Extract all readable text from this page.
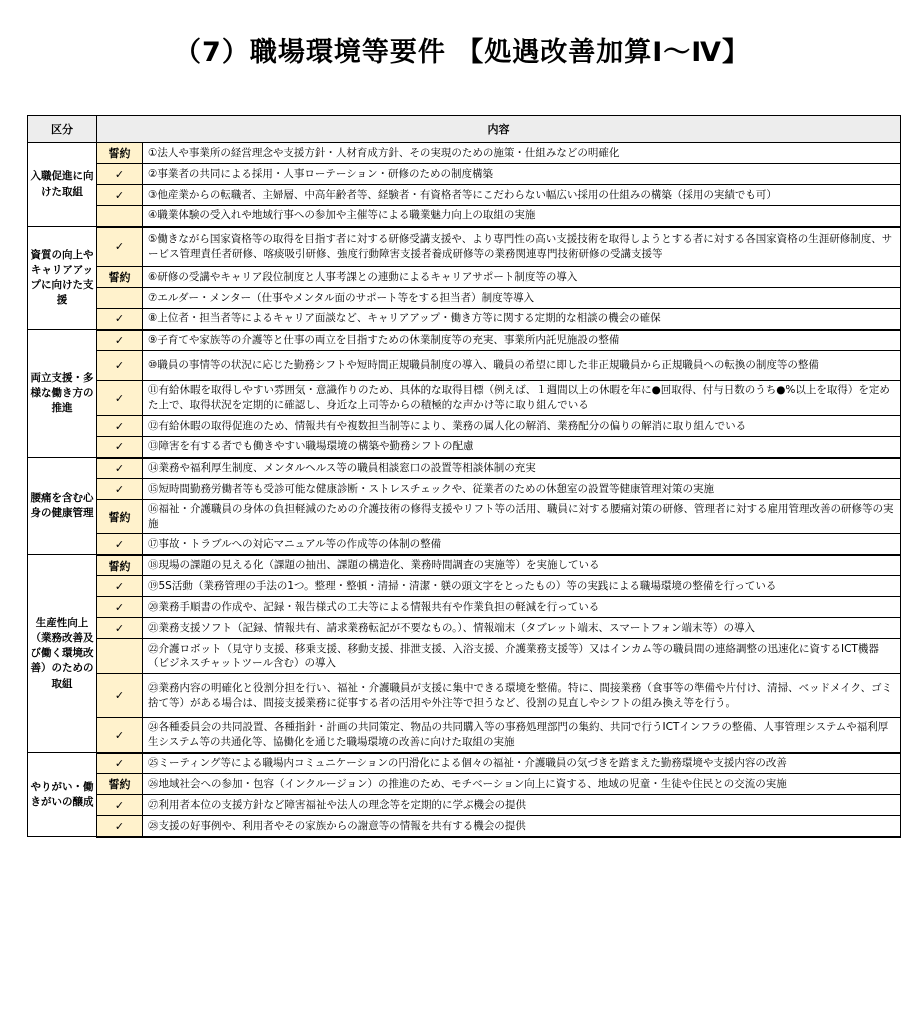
（7）職場環境等要件 【処遇改善加算Ⅰ～Ⅳ】
区分	内容	
入職促進に向けた取組	誓約	①法人や事業所の経営理念や支援方針・人材育成方針、その実現のための施策・仕組みなどの明確化
	✓	②事業者の共同による採用・人事ローテーション・研修のための制度構築
	✓	③他産業からの転職者、主婦層、中高年齢者等、経験者・有資格者等にこだわらない幅広い採用の仕組みの構築（採用の実績でも可）
		④職業体験の受入れや地域行事への参加や主催等による職業魅力向上の取組の実施
資質の向上やキャリアアップに向けた支援	✓	⑤働きながら国家資格等の取得を目指す者に対する研修受講支援や、より専門性の高い支援技術を取得しようとする者に対する各国家資格の生涯研修制度、サービス管理責任者研修、喀痰吸引研修、強度行動障害支援者養成研修等の業務関連専門技術研修の受講支援等
	誓約	⑥研修の受講やキャリア段位制度と人事考課との連動によるキャリアサポート制度等の導入
		⑦エルダー・メンター（仕事やメンタル面のサポート等をする担当者）制度等導入
	✓	⑧上位者・担当者等によるキャリア面談など、キャリアアップ・働き方等に関する定期的な相談の機会の確保
両立支援・多様な働き方の推進	✓	⑨子育てや家族等の介護等と仕事の両立を目指すための休業制度等の充実、事業所内託児施設の整備
	✓	⑩職員の事情等の状況に応じた勤務シフトや短時間正規職員制度の導入、職員の希望に即した非正規職員から正規職員への転換の制度等の整備
	✓	⑪有給休暇を取得しやすい雰囲気・意識作りのため、具体的な取得目標（例えば、１週間以上の休暇を年に●回取得、付与日数のうち●%以上を取得）を定めた上で、取得状況を定期的に確認し、身近な上司等からの積極的な声かけ等に取り組んでいる
	✓	⑫有給休暇の取得促進のため、情報共有や複数担当制等により、業務の属人化の解消、業務配分の偏りの解消に取り組んでいる
	✓	⑬障害を有する者でも働きやすい職場環境の構築や勤務シフトの配慮
腰痛を含む心身の健康管理	✓	⑭業務や福利厚生制度、メンタルヘルス等の職員相談窓口の設置等相談体制の充実
	✓	⑮短時間勤務労働者等も受診可能な健康診断・ストレスチェックや、従業者のための休憩室の設置等健康管理対策の実施
	誓約	⑯福祉・介護職員の身体の負担軽減のための介護技術の修得支援やリフト等の活用、職員に対する腰痛対策の研修、管理者に対する雇用管理改善の研修等の実施
	✓	⑰事故・トラブルへの対応マニュアル等の作成等の体制の整備
生産性向上（業務改善及び働く環境改善）のための取組	誓約	⑱現場の課題の見える化（課題の抽出、課題の構造化、業務時間調査の実施等）を実施している
	✓	⑲5S活動（業務管理の手法の1つ。整理・整頓・清掃・清潔・躾の頭文字をとったもの）等の実践による職場環境の整備を行っている
	✓	⑳業務手順書の作成や、記録・報告様式の工夫等による情報共有や作業負担の軽減を行っている
	✓	㉑業務支援ソフト（記録、情報共有、請求業務転記が不要なもの。）、情報端末（タブレット端末、スマートフォン端末等）の導入
		㉒介護ロボット（見守り支援、移乗支援、移動支援、排泄支援、入浴支援、介護業務支援等）又はインカム等の職員間の連絡調整の迅速化に資するICT機器（ビジネスチャットツール含む）の導入
	✓	㉓業務内容の明確化と役割分担を行い、福祉・介護職員が支援に集中できる環境を整備。特に、間接業務（食事等の準備や片付け、清掃、ベッドメイク、ゴミ捨て等）がある場合は、間接支援業務に従事する者の活用や外注等で担うなど、役割の見直しやシフトの組み換え等を行う。
	✓	㉔各種委員会の共同設置、各種指針・計画の共同策定、物品の共同購入等の事務処理部門の集約、共同で行うICTインフラの整備、人事管理システムや福利厚生システム等の共通化等、協働化を通じた職場環境の改善に向けた取組の実施
やりがい・働きがいの醸成	✓	㉕ミーティング等による職場内コミュニケーションの円滑化による個々の福祉・介護職員の気づきを踏まえた勤務環境や支援内容の改善
	誓約	㉖地域社会への参加・包容（インクルージョン）の推進のため、モチベーション向上に資する、地域の児童・生徒や住民との交流の実施
	✓	㉗利用者本位の支援方針など障害福祉や法人の理念等を定期的に学ぶ機会の提供
	✓	㉘支援の好事例や、利用者やその家族からの謝意等の情報を共有する機会の提供
